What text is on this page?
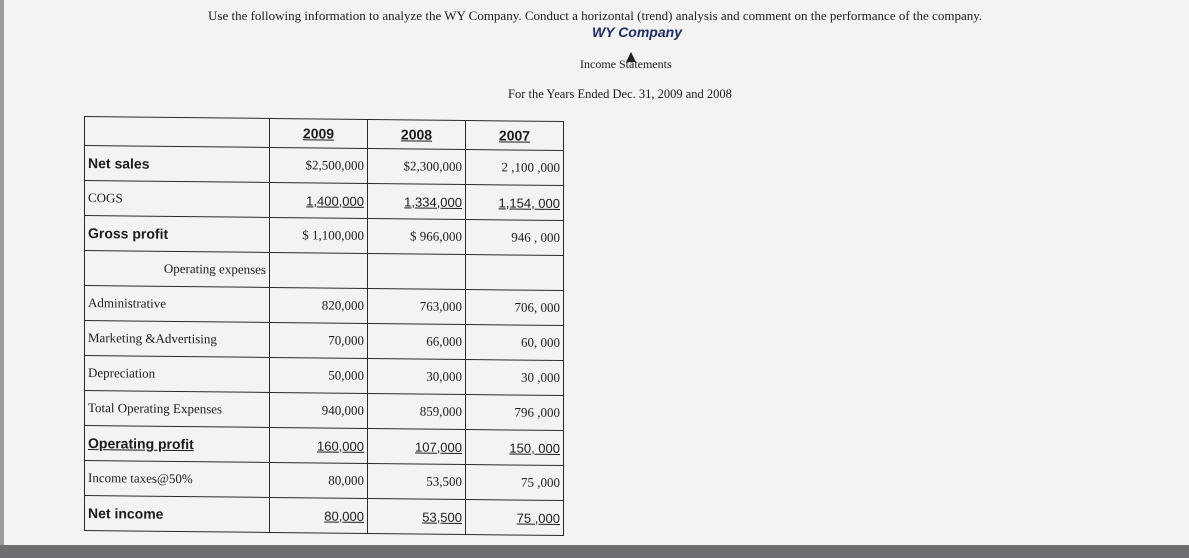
Use the following information to analyze the WY Company. Conduct a horizontal (trend) analysis and comment on the performance of the company.
WY Company
Income Statements
For the Years Ended Dec. 31, 2009 and 2008
	2009	2008	2007
Net sales	$2,500,000	$2,300,000	2 ,100 ,000
COGS	1,400,000	1,334,000	1,154, 000
Gross profit	$ 1,100,000	$ 966,000	946 , 000
Operating expenses			
Administrative	820,000	763,000	706, 000
Marketing &Advertising	70,000	66,000	60, 000
Depreciation	50,000	30,000	30 ,000
Total Operating Expenses	940,000	859,000	796 ,000
Operating profit	160,000	107,000	150, 000
Income taxes@50%	80,000	53,500	75 ,000
Net income	80,000	53,500	75 ,000
